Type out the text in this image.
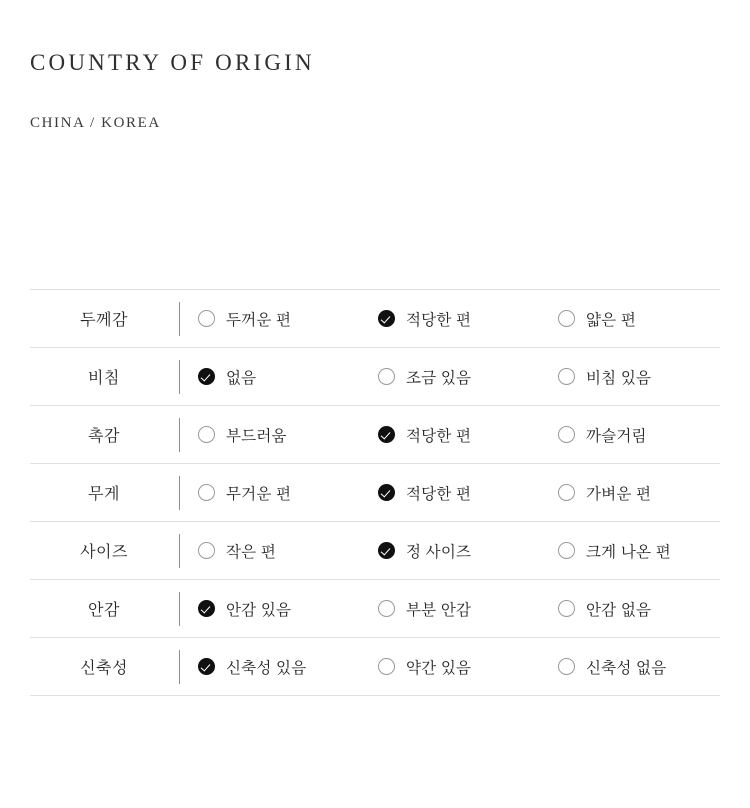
COUNTRY OF ORIGIN

CHINA / KOREA

두께감		두꺼운 편	적당한 편	얇은 편

비침		없음	조금 있음	비침 있음

촉감		부드러움	적당한 편	까슬거림

무게		무거운 편	적당한 편	가벼운 편

사이즈		작은 편	정 사이즈	크게 나온 편

안감		안감 있음	부분 안감	안감 없음

신축성		신축성 있음	약간 있음	신축성 없음
